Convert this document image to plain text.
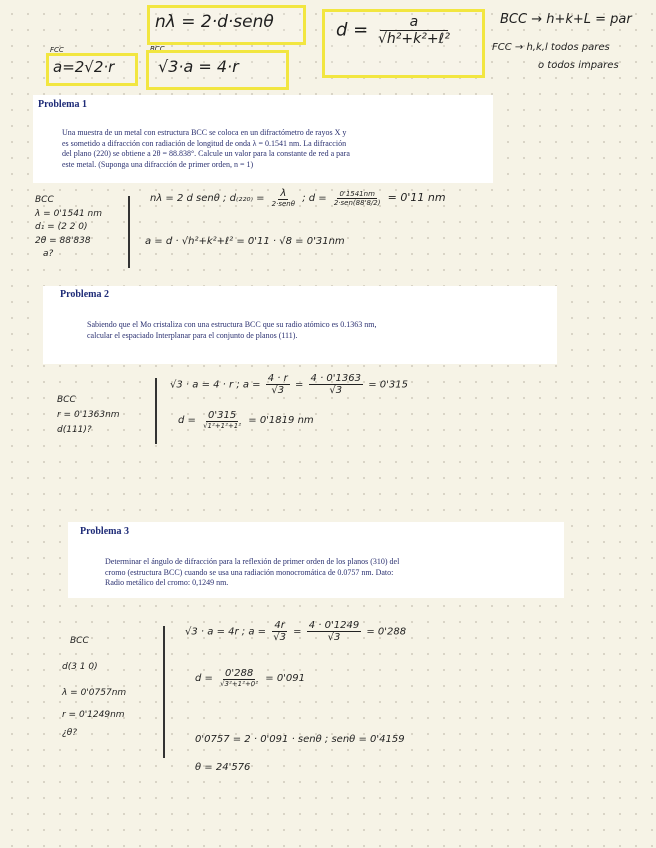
nλ = 2·d·senθ
FCC
a=2√2·r
BCC
√3·a = 4·r
$d = \frac{a}{\text{√h²+k²+ℓ²}}$	BCC → h+k+L = par
FCC → h,k,l todos pares
o todos impares
Problema 1
Una muestra de un metal con estructura BCC se coloca en un difractómetro de rayos X y
es sometido a difracción con radiación de longitud de onda λ = 0.1541 nm. La difracción
del plano (220) se obtiene a 2θ = 88.838°. Calcule un valor para la constante de red a para
este metal. (Suponga una difracción de primer orden, n = 1)
BCC
λ = 0'1541 nm
d₁ = (2 2 0)
2θ = 88'838
a?
nλ = 2 d senθ ; $d_{(220)} = \frac{\lambda}{\text{2·senθ}}$ ; $d = \frac{0'1541nm}{\text{2·sen(88'8/2)}} = 0'11$ nm
a = d · √h²+k²+ℓ² = 0'11 · √8 = 0'31nm
Problema 2
Sabiendo que el Mo cristaliza con una estructura BCC que su radio atómico es 0.1363 nm,
calcular el espaciado Interplanar para el conjunto de planos (111).
BCC
r = 0'1363nm
d(111)?
√3 · a = 4 · r ; $a = \frac{4 \cdot r}{√3} = \frac{4 \cdot 0'1363}{√3} = 0'315$
$d = \frac{0'315}{\text{√1²+1²+1²}} = 0'1819$ nm
Problema 3
Determinar el ángulo de difracción para la reflexión de primer orden de los planos (310) del
cromo (estructura BCC) cuando se usa una radiación monocromática de 0.0757 nm. Dato:
Radio metálico del cromo: 0,1249 nm.
BCC
d(3 1 0)
λ = 0'0757nm
r = 0'1249nm
¿θ?
√3 · a = 4r ; $a = \frac{4r}{√3} = \frac{4 \cdot 0'1249}{√3} = 0'288$
$d = \frac{0'288}{\text{√3²+1²+0²}} = 0'091$
0'0757 = 2 · 0'091 · senθ ; senθ = 0'4159
θ = 24'576
